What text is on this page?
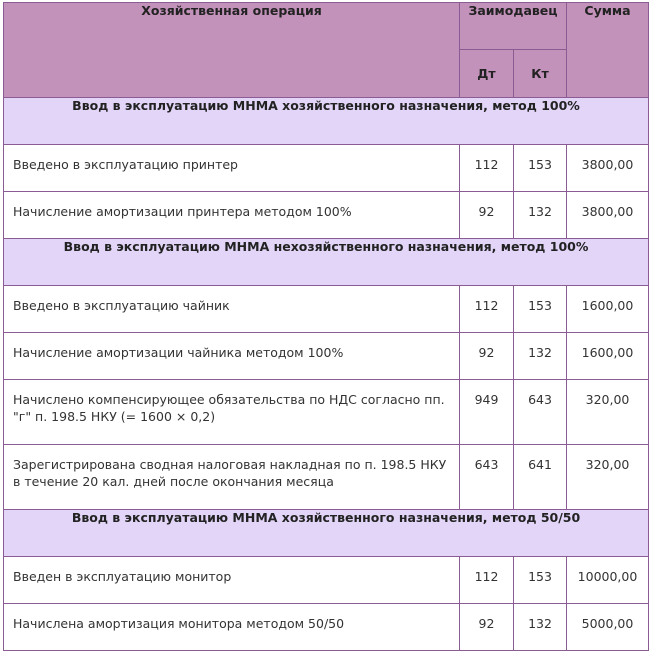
Хозяйственная операция	Заимодавец		Сумма
	Дт	Кт	
Ввод в эксплуатацию МНМА хозяйственного назначения, метод 100%			
Введено в эксплуатацию принтер	112	153	3800,00
Начисление амортизации принтера методом 100%	92	132	3800,00
Ввод в эксплуатацию МНМА нехозяйственного назначения, метод 100%			
Введено в эксплуатацию чайник	112	153	1600,00
Начисление амортизации чайника методом 100%	92	132	1600,00
Начислено компенсирующее обязательства по НДС согласно пп. "г" п. 198.5 НКУ (= 1600 × 0,2)	949	643	320,00
Зарегистрирована сводная налоговая накладная по п. 198.5 НКУ в течение 20 кал. дней после окончания месяца	643	641	320,00
Ввод в эксплуатацию МНМА хозяйственного назначения, метод 50/50			
Введен в эксплуатацию монитор	112	153	10000,00
Начислена амортизация монитора методом 50/50	92	132	5000,00
